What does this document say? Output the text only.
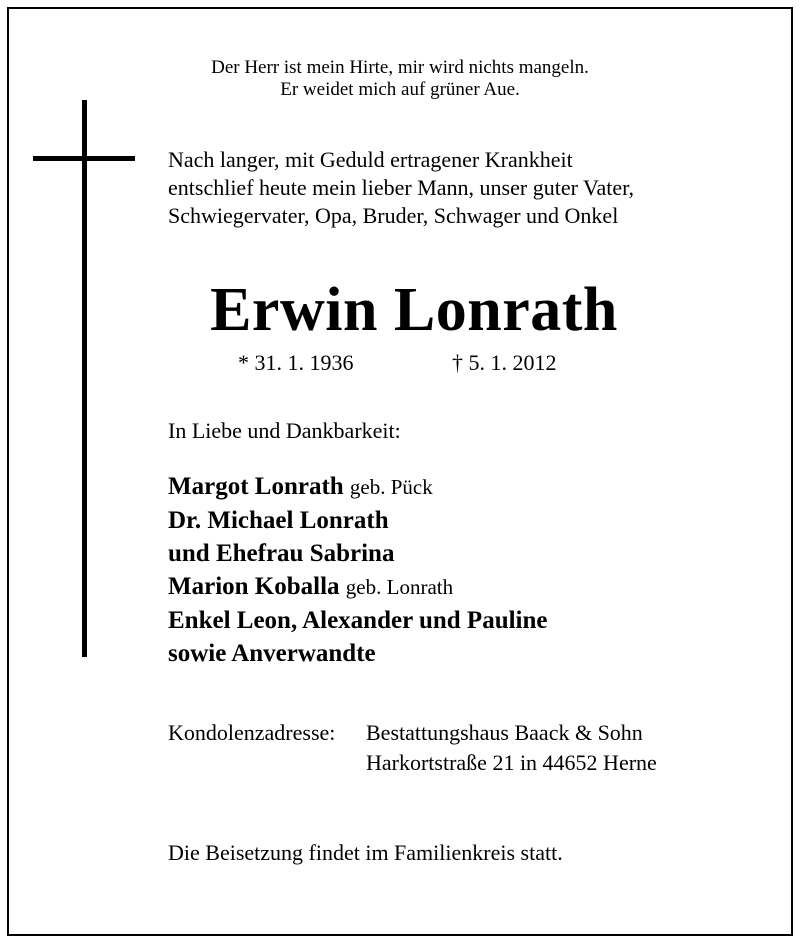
Der Herr ist mein Hirte, mir wird nichts mangeln.
Er weidet mich auf grüner Aue.
Nach langer, mit Geduld ertragener Krankheit
entschlief heute mein lieber Mann, unser guter Vater,
Schwiegervater, Opa, Bruder, Schwager und Onkel
Erwin Lonrath
* 31. 1. 1936	† 5. 1. 2012
In Liebe und Dankbarkeit:
Margot Lonrath geb. Pück
Dr. Michael Lonrath
und Ehefrau Sabrina
Marion Koballa geb. Lonrath
Enkel Leon, Alexander und Pauline
sowie Anverwandte
Kondolenzadresse: Bestattungshaus Baack & Sohn
Harkortstraße 21 in 44652 Herne
Die Beisetzung findet im Familienkreis statt.
